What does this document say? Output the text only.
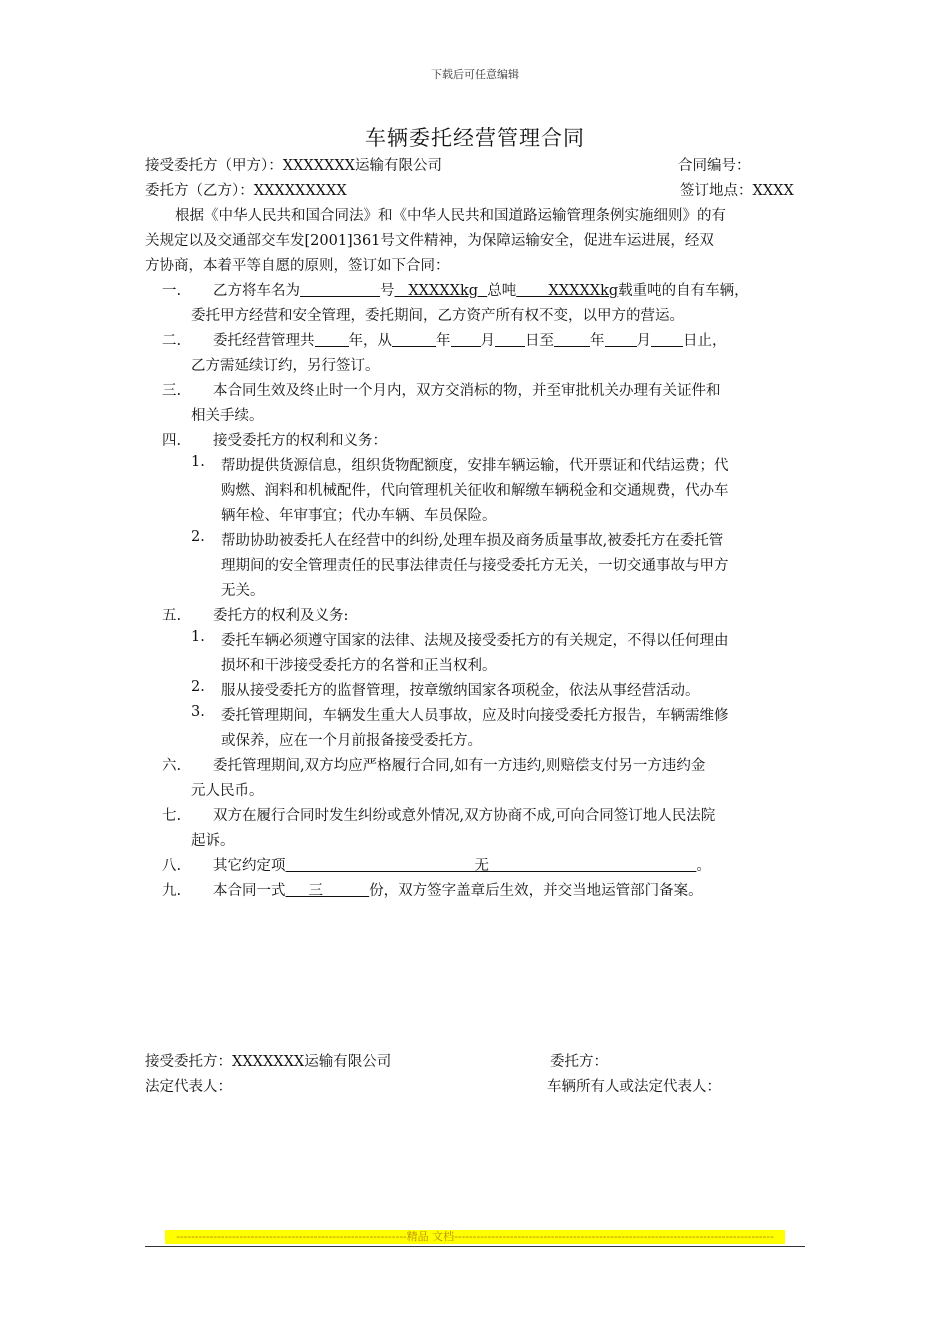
下载后可任意编辑
车辆委托经营管理合同
接受委托方（甲方）：XXXXXXX运输有限公司	合同编号：
委托方（乙方）：XXXXXXXXX	签订地点：XXXX
根据《中华人民共和国合同法》和《中华人民共和国道路运输管理条例实施细则》的有
关规定以及交通部交车发[2001]361号文件精神，为保障运输安全，促进车运进展，经双
方协商，本着平等自愿的原则，签订如下合同：
一. 乙方将车名为	号 XXXXXkg 总吨 XXXXXkg载重吨的自有车辆，
委托甲方经营和安全管理，委托期间，乙方资产所有权不变，以甲方的营运。
二. 委托经营管理共 年，从	年 月 日至 年 月 日止，
乙方需延续订约，另行签订。
三. 本合同生效及终止时一个月内，双方交消标的物，并至审批机关办理有关证件和
相关手续。
四. 接受委托方的权利和义务：
1. 帮助提供货源信息，组织货物配额度，安排车辆运输，代开票证和代结运费；代
购燃、润料和机械配件，代向管理机关征收和解缴车辆税金和交通规费，代办车
辆年检、年审事宜；代办车辆、车员保险。
2. 帮助协助被委托人在经营中的纠纷,处理车损及商务质量事故,被委托方在委托管
理期间的安全管理责任的民事法律责任与接受委托方无关，一切交通事故与甲方
无关。
五. 委托方的权利及义务:
1. 委托车辆必须遵守国家的法律、法规及接受委托方的有关规定，不得以任何理由
损坏和干涉接受委托方的名誉和正当权利。
2. 服从接受委托方的监督管理，按章缴纳国家各项税金，依法从事经营活动。
3. 委托管理期间，车辆发生重大人员事故，应及时向接受委托方报告，车辆需维修
或保养，应在一个月前报备接受委托方。
六. 委托管理期间,双方均应严格履行合同,如有一方违约,则赔偿支付另一方违约金
元人民币。
七. 双方在履行合同时发生纠纷或意外情况,双方协商不成,可向合同签订地人民法院
起诉。
八. 其它约定项	无	。
九. 本合同一式 三	份，双方签字盖章后生效，并交当地运管部门备案。
接受委托方：XXXXXXX运输有限公司
法定代表人：
委托方：
车辆所有人或法定代表人：
--------------------------------------------------------------精品 文档--------------------------------------------------------------------------------------
